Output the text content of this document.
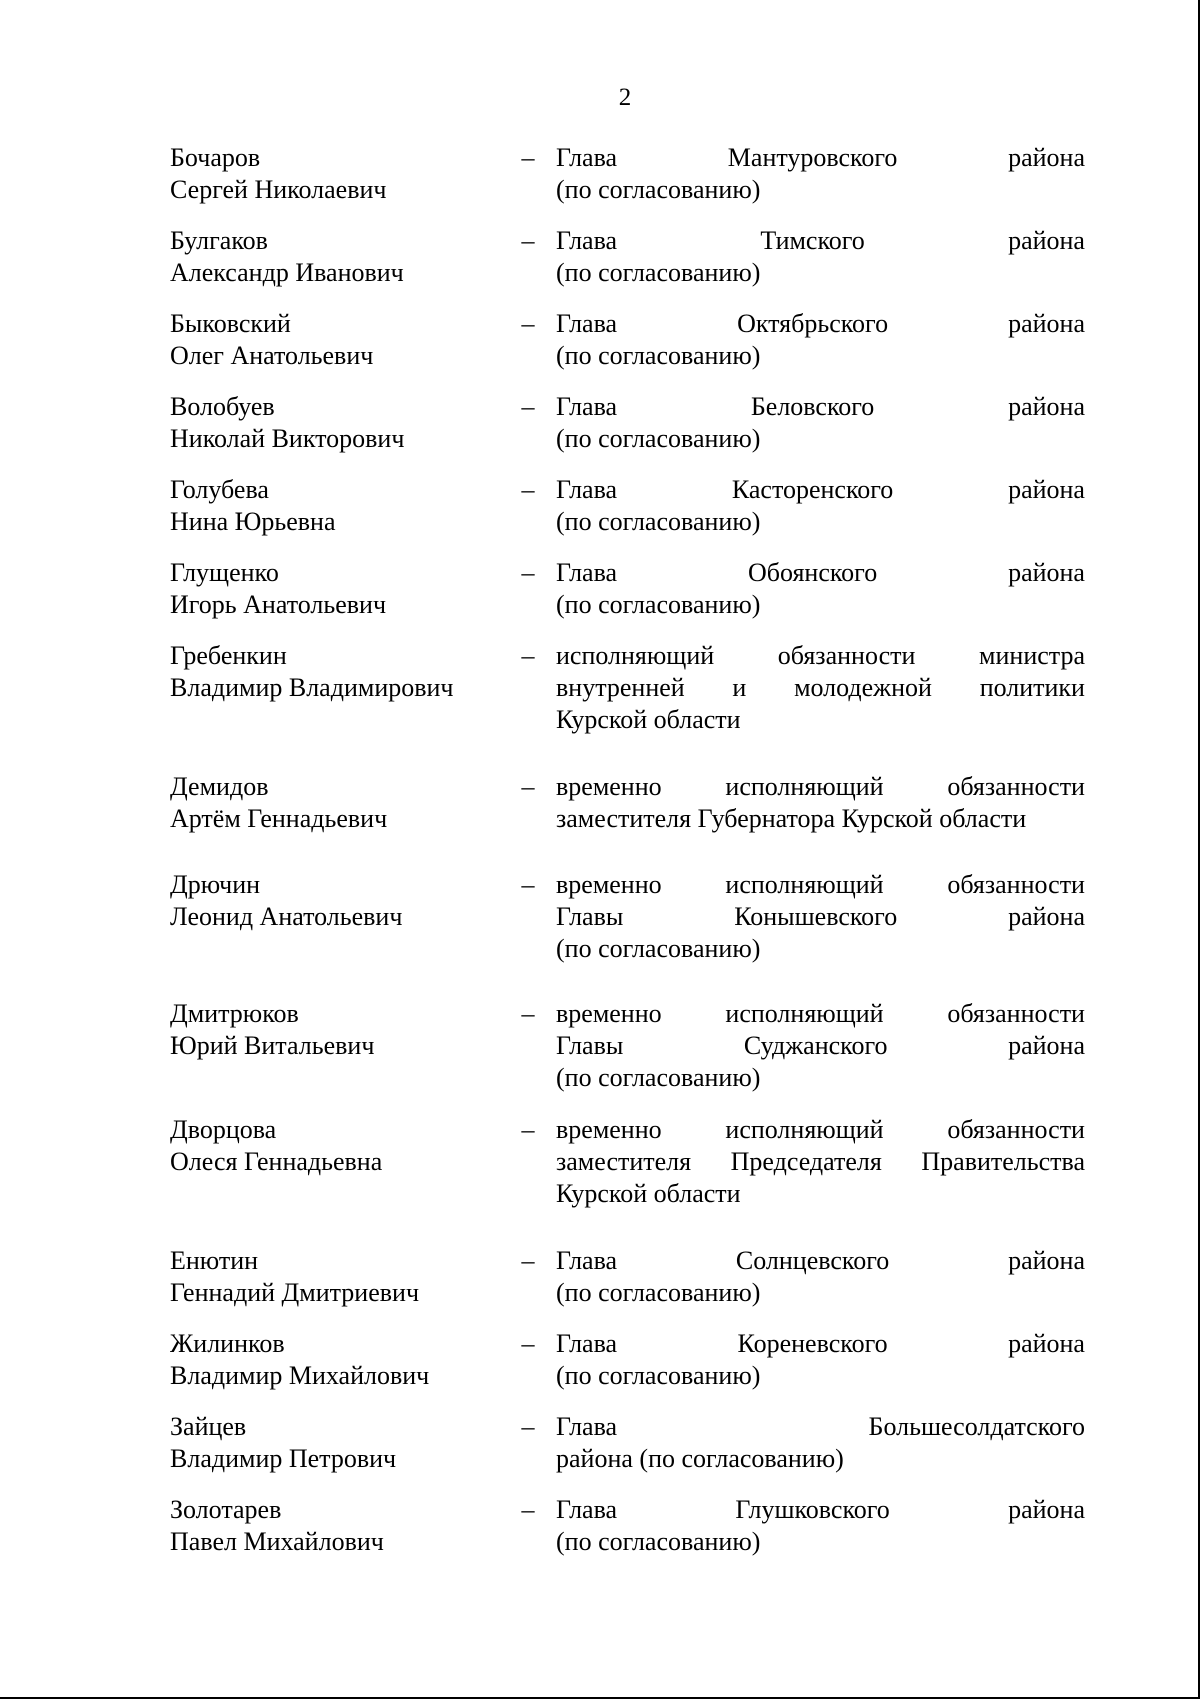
2
Бочаров
Сергей Николаевич
– Глава	Мантуровского	района
(по согласованию)
Булгаков
Александр Иванович
– Глава	Тимского	района
(по согласованию)
Быковский
Олег Анатольевич
– Глава	Октябрьского	района
(по согласованию)
Волобуев
Николай Викторович
– Глава	Беловского	района
(по согласованию)
Голубева
Нина Юрьевна
– Глава	Касторенского	района
(по согласованию)
Глущенко
Игорь Анатольевич
– Глава	Обоянского	района
(по согласованию)
Гребенкин
Владимир Владимирович
– исполняющий обязанности министра
внутренней и молодежной политики
Курской области
Демидов
Артём Геннадьевич
– временно исполняющий обязанности
заместителя Губернатора Курской области
Дрючин
Леонид Анатольевич
– временно исполняющий обязанности
Главы	Конышевского	района
(по согласованию)
Дмитрюков
Юрий Витальевич
– временно исполняющий обязанности
Главы	Суджанского	района
(по согласованию)
Дворцова
Олеся Геннадьевна
– временно исполняющий обязанности
заместителя Председателя Правительства
Курской области
Енютин
Геннадий Дмитриевич
– Глава	Солнцевского	района
(по согласованию)
Жилинков
Владимир Михайлович
– Глава	Кореневского	района
(по согласованию)
Зайцев
Владимир Петрович
– Глава	Большесолдатского
района (по согласованию)
Золотарев
Павел Михайлович
– Глава	Глушковского	района
(по согласованию)
